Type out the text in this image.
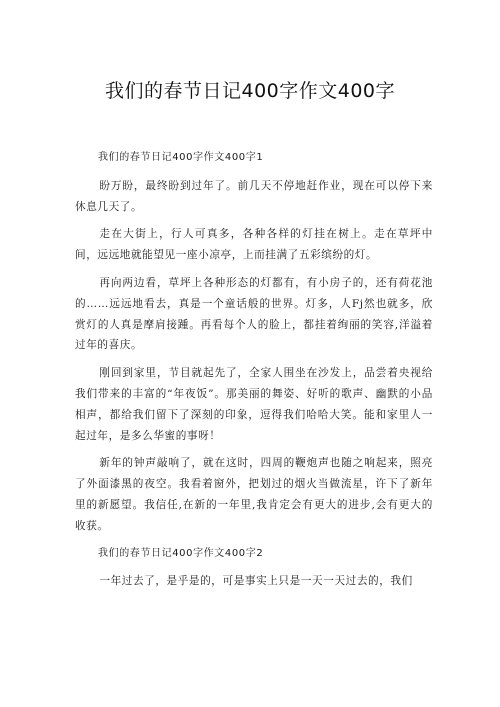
我们的春节日记400字作文400字

我们的春节日记400字作文400字1

盼万盼，最终盼到过年了。前几天不停地赶作业，现在可以停下来休息几天了。

走在大街上，行人可真多，各种各样的灯挂在树上。走在草坪中间，远远地就能望见一座小凉亭，上而挂满了五彩缤纷的灯。

再向两边看，草坪上各种形态的灯都有，有小房子的，还有荷花池的……远远地看去，真是一个童话般的世界。灯多，人Fj然也就多，欣赏灯的人真是摩肩接踵。再看每个人的脸上，都挂着绚丽的笑容,洋溢着过年的喜庆。

刚回到家里，节目就起先了，全家人围坐在沙发上，品尝着央视给我们带来的丰富的“年夜饭”。那美丽的舞姿、好听的歌声、幽默的小品相声，都给我们留下了深刻的印象，逗得我们哈哈大笑。能和家里人一起过年，是多么华蜜的事呀！

新年的钟声敲响了，就在这时，四周的鞭炮声也随之响起来，照亮了外面漆黑的夜空。我看着窗外，把划过的烟火当做流星，许下了新年里的新愿望。我信任,在新的一年里,我肯定会有更大的进步,会有更大的收获。

我们的春节日记400字作文400字2

一年过去了，是乎是的，可是事实上只是一天一天过去的，我们
